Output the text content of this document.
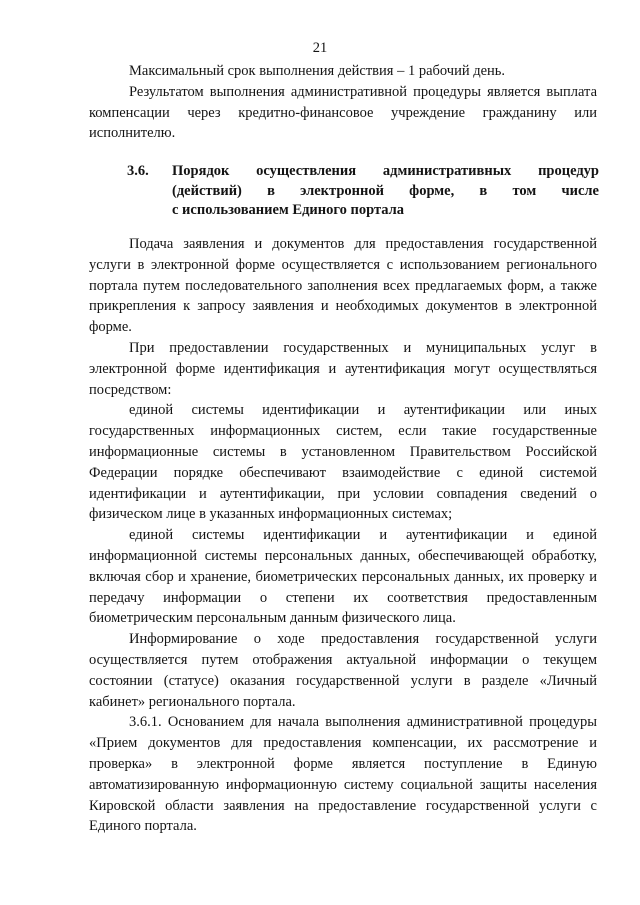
21

Максимальный срок выполнения действия – 1 рабочий день.

Результатом выполнения административной процедуры является выплата компенсации через кредитно-финансовое учреждение гражданину или исполнителю.

3.6. Порядок осуществления административных процедур
(действий) в электронной форме, в том числе
с использованием Единого портала

Подача заявления и документов для предоставления государственной услуги в электронной форме осуществляется с использованием регионального портала путем последовательного заполнения всех предлагаемых форм, а также прикрепления к запросу заявления и необходимых документов в электронной форме.

При предоставлении государственных и муниципальных услуг в электронной форме идентификация и аутентификация могут осуществляться посредством:

единой системы идентификации и аутентификации или иных государственных информационных систем, если такие государственные информационные системы в установленном Правительством Российской Федерации порядке обеспечивают взаимодействие с единой системой идентификации и аутентификации, при условии совпадения сведений о физическом лице в указанных информационных системах;

единой системы идентификации и аутентификации и единой информационной системы персональных данных, обеспечивающей обработку, включая сбор и хранение, биометрических персональных данных, их проверку и передачу информации о степени их соответствия предоставленным биометрическим персональным данным физического лица.

Информирование о ходе предоставления государственной услуги осуществляется путем отображения актуальной информации о текущем состоянии (статусе) оказания государственной услуги в разделе «Личный кабинет» регионального портала.

3.6.1. Основанием для начала выполнения административной процедуры «Прием документов для предоставления компенсации, их рассмотрение и проверка» в электронной форме является поступление в Единую автоматизированную информационную систему социальной защиты населения Кировской области заявления на предоставление государственной услуги с Единого портала.
